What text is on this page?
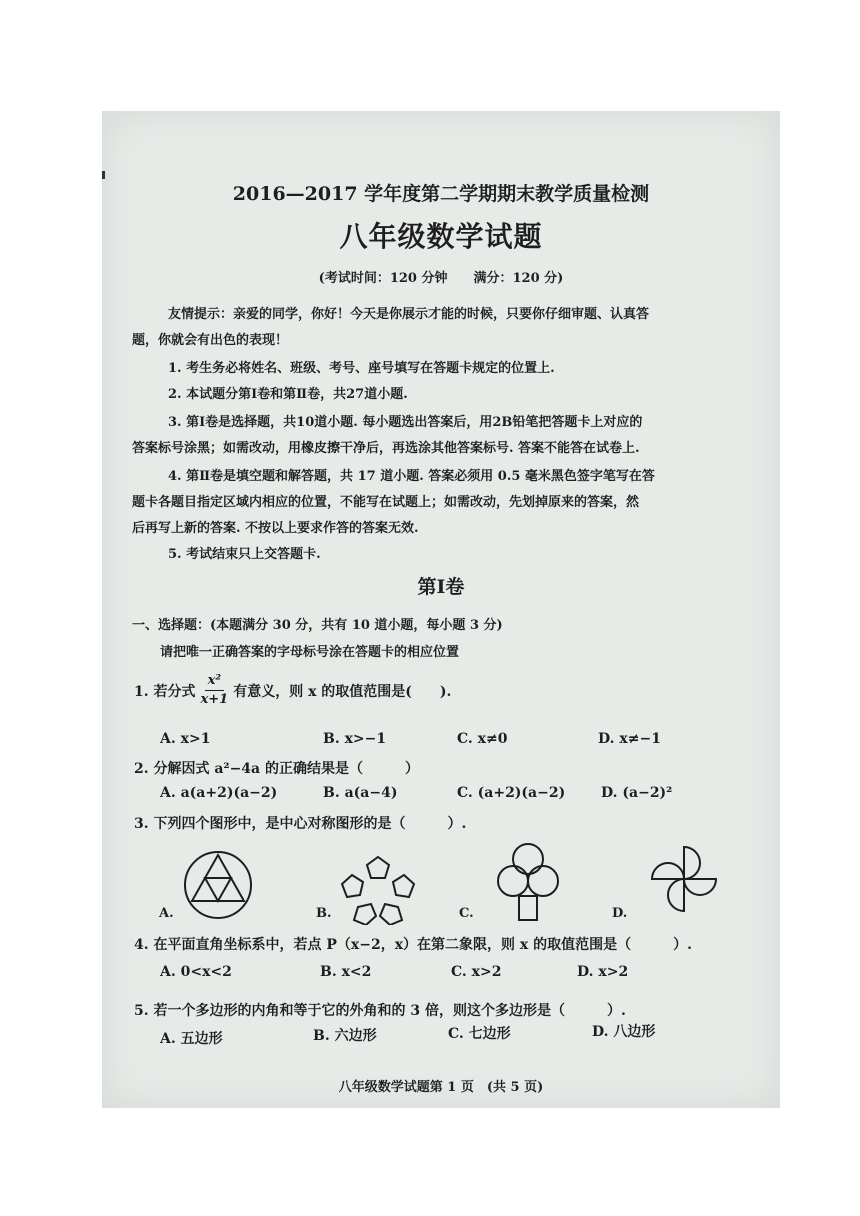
2016—2017 学年度第二学期期末教学质量检测
八年级数学试题
(考试时间：120 分钟　　满分：120 分)
友情提示：亲爱的同学，你好！今天是你展示才能的时候，只要你仔细审题、认真答
题，你就会有出色的表现！
1. 考生务必将姓名、班级、考号、座号填写在答题卡规定的位置上.
2. 本试题分第Ⅰ卷和第Ⅱ卷，共27道小题.
3. 第Ⅰ卷是选择题，共10道小题. 每小题选出答案后，用2B铅笔把答题卡上对应的
答案标号涂黑；如需改动，用橡皮擦干净后，再选涂其他答案标号. 答案不能答在试卷上.
4. 第Ⅱ卷是填空题和解答题，共 17 道小题. 答案必须用 0.5 毫米黑色签字笔写在答
题卡各题目指定区域内相应的位置，不能写在试题上；如需改动，先划掉原来的答案，然
后再写上新的答案. 不按以上要求作答的答案无效.
5. 考试结束只上交答题卡.
第Ⅰ卷
一、选择题：(本题满分 30 分，共有 10 道小题，每小题 3 分)
请把唯一正确答案的字母标号涂在答题卡的相应位置
1. 若分式 $\frac{\text{x²}}{x+1}$ 有意义，则 x 的取值范围是(　　).
A. x>1	B. x>−1	C. x≠0	D. x≠−1
2. 分解因式 a²−4a 的正确结果是（　　　）
A. a(a+2)(a−2)	B. a(a−4)	C. (a+2)(a−2)	D. (a−2)²
3. 下列四个图形中，是中心对称图形的是（　　　）.
A.	B.	C.	D.
4. 在平面直角坐标系中，若点 P（x−2，x）在第二象限，则 x 的取值范围是（　　　）.
A. 0<x<2	B. x<2	C. x>2	D. x>2
5. 若一个多边形的内角和等于它的外角和的 3 倍，则这个多边形是（　　　）.
A. 五边形	B. 六边形	C. 七边形	D. 八边形
八年级数学试题第 1 页　(共 5 页)
